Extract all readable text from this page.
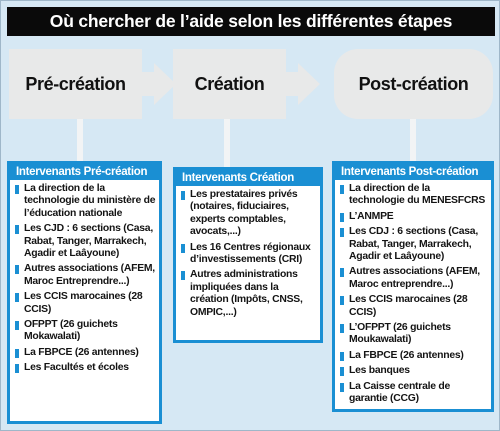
Où chercher de l’aide selon les différentes étapes
Pré-création	Création	Post-création
Intervenants Pré-création
La direction de la technologie du ministère de l’éducation nationale
Les CJD : 6 sections (Casa, Rabat, Tanger, Marrakech, Agadir et Laâyoune)
Autres associations (AFEM, Maroc Entreprendre...)
Les CCIS marocaines (28 CCIS)
OFPPT (26 guichets Mokawalati)
La FBPCE (26 antennes)
Les Facultés et écoles
Intervenants Création
Les prestataires privés (notaires, fiduciaires, experts comptables, avocats,...)
Les 16 Centres régionaux d’investissements (CRI)
Autres administrations impliquées dans la création (Impôts, CNSS, OMPIC,...)
Intervenants Post-création
La direction de la technologie du MENESFCRS
L’ANMPE
Les CDJ : 6 sections (Casa, Rabat, Tanger, Marrakech, Agadir et Laâyoune)
Autres associations (AFEM, Maroc entreprendre...)
Les CCIS marocaines (28 CCIS)
L’OFPPT (26 guichets Moukawalati)
La FBPCE (26 antennes)
Les banques
La Caisse centrale de garantie (CCG)
